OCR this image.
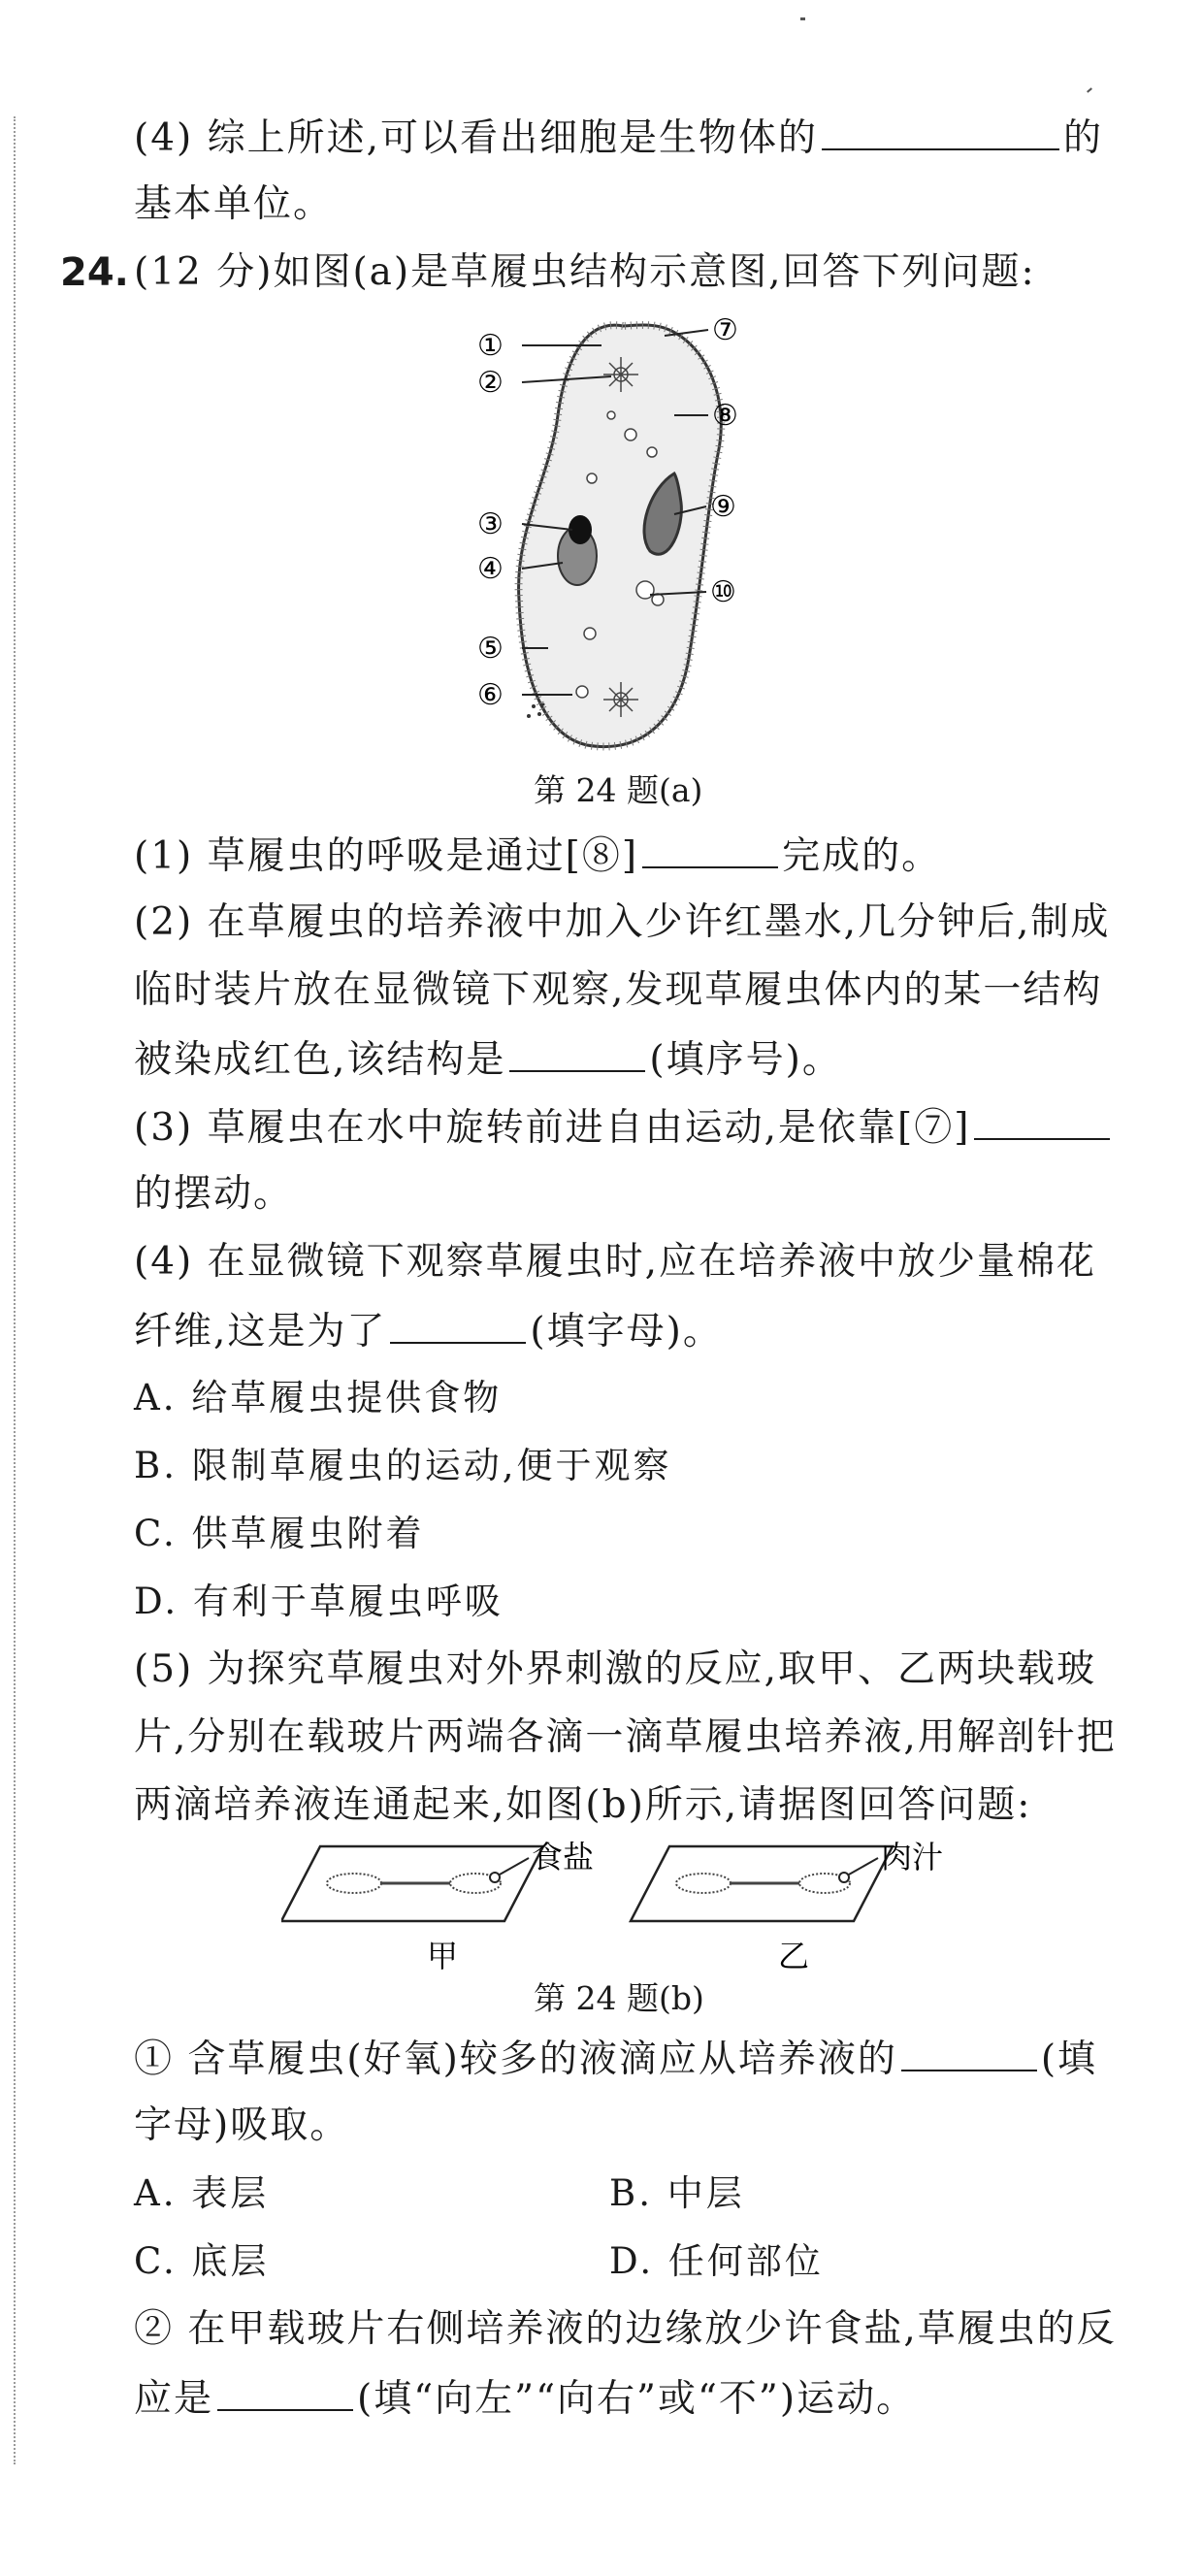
(4) 综上所述,可以看出细胞是生物体的	的
基本单位。
24. (12 分)如图(a)是草履虫结构示意图,回答下列问题:
①
②
③
④
⑤
⑥
⑦
⑧
⑨
⑩
第 24 题(a)
(1) 草履虫的呼吸是通过[⑧]	完成的。
(2) 在草履虫的培养液中加入少许红墨水,几分钟后,制成
临时装片放在显微镜下观察,发现草履虫体内的某一结构
被染成红色,该结构是	(填序号)。
(3) 草履虫在水中旋转前进自由运动,是依靠[⑦]
的摆动。
(4) 在显微镜下观察草履虫时,应在培养液中放少量棉花
纤维,这是为了	(填字母)。
A. 给草履虫提供食物
B. 限制草履虫的运动,便于观察
C. 供草履虫附着
D. 有利于草履虫呼吸
(5) 为探究草履虫对外界刺激的反应,取甲、乙两块载玻
片,分别在载玻片两端各滴一滴草履虫培养液,用解剖针把
两滴培养液连通起来,如图(b)所示,请据图回答问题:
食盐
甲
肉汁
乙
第 24 题(b)
① 含草履虫(好氧)较多的液滴应从培养液的	(填
字母)吸取。
A. 表层	B. 中层
C. 底层	D. 任何部位
② 在甲载玻片右侧培养液的边缘放少许食盐,草履虫的反
应是	(填“向左”“向右”或“不”)运动。
